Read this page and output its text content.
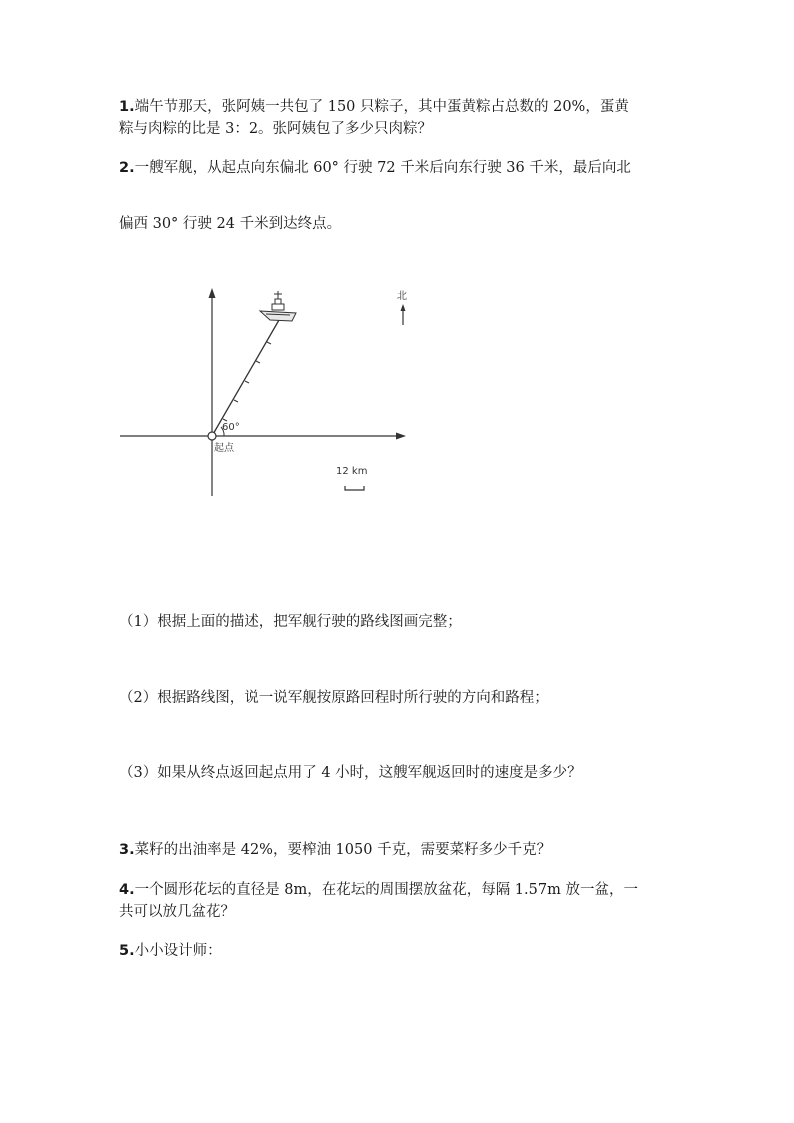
1.端午节那天，张阿姨一共包了 150 只粽子，其中蛋黄粽占总数的 20%，蛋黄
粽与肉粽的比是 3：2。张阿姨包了多少只肉粽？
2.一艘军舰，从起点向东偏北 60° 行驶 72 千米后向东行驶 36 千米，最后向北
偏西 30° 行驶 24 千米到达终点。
60°
起点
北
12 km
（1）根据上面的描述，把军舰行驶的路线图画完整；
（2）根据路线图，说一说军舰按原路回程时所行驶的方向和路程；
（3）如果从终点返回起点用了 4 小时，这艘军舰返回时的速度是多少？
3.菜籽的出油率是 42%，要榨油 1050 千克，需要菜籽多少千克？
4.一个圆形花坛的直径是 8m，在花坛的周围摆放盆花，每隔 1.57m 放一盆，一
共可以放几盆花？
5.小小设计师：
